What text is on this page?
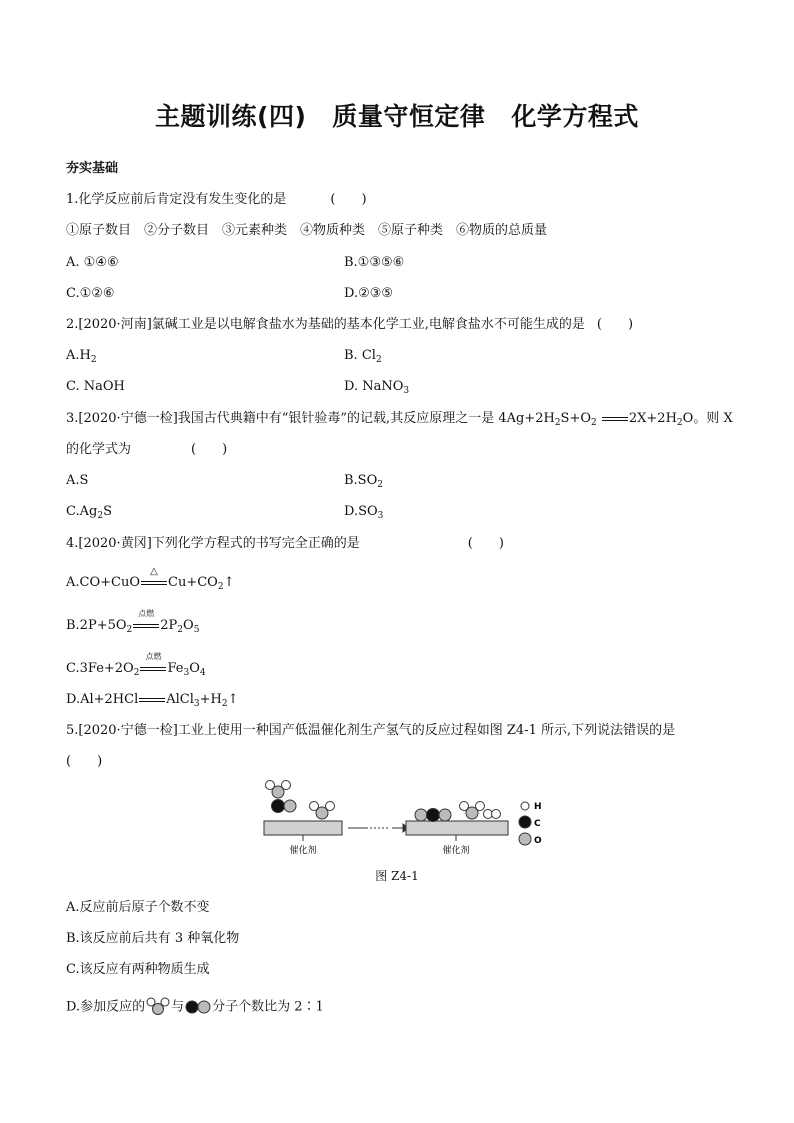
主题训练(四) 质量守恒定律 化学方程式
夯实基础
1.化学反应前后肯定没有发生变化的是	(　　)
①原子数目　②分子数目　③元素种类　④物质种类　⑤原子种类　⑥物质的总质量
A. ①④⑥	B.①③⑤⑥
C.①②⑥	D.②③⑤
2.[2020·河南]氯碱工业是以电解食盐水为基础的基本化学工业,电解食盐水不可能生成的是 (　　)
$A.H_2$	B. $Cl_2$
C. NaOH	D. NaNO$_3$
3.[2020·宁德一检]我国古代典籍中有“银针验毒”的记载,其反应原理之一是 $4Ag+2H_2S+O_2$ $2X+2H_2O$。则 X
的化学式为	(　　)
A.S	$B.SO_2$
$C.Ag_2S$	$D.SO_3$
4.[2020·黄冈]下列化学方程式的书写完全正确的是	(　　)
A.CO+CuO
△
$Cu+CO_2↑$
$B.2P+5O_2$
点燃
$2P_2O_5$
$C.3Fe+2O_2$
点燃
$Fe_3O_4$
D.Al+2HCl $AlCl_3+H_2↑$
5.[2020·宁德一检]工业上使用一种国产低温催化剂生产氢气的反应过程如图 Z4-1 所示,下列说法错误的是
(　　)
催化剂	催化剂
H
C
O
图 Z4-1
A.反应前后原子个数不变
B.该反应前后共有 3 种氧化物
C.该反应有两种物质生成
D.参加反应的 与 分子个数比为 2∶1
